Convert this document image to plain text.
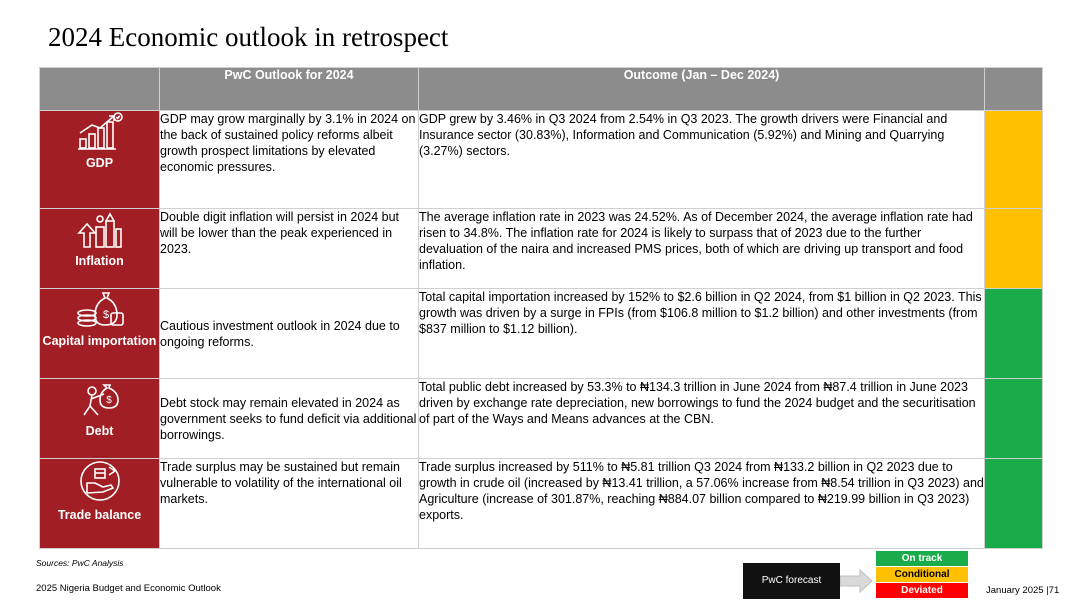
2024 Economic outlook in retrospect
	PwC Outlook for 2024	Outcome (Jan – Dec 2024)	

GDP	GDP may grow marginally by 3.1% in 2024 on the back of sustained policy reforms albeit growth prospect limitations by elevated economic pressures.	GDP grew by 3.46% in Q3 2024 from 2.54% in Q3 2023. The growth drivers were Financial and Insurance sector (30.83%), Information and Communication (5.92%) and Mining and Quarrying (3.27%) sectors.	

Inflation	Double digit inflation will persist in 2024 but will be lower than the peak experienced in 2023.	The average inflation rate in 2023 was 24.52%. As of December 2024, the average inflation rate had risen to 34.8%. The inflation rate for 2024 is likely to surpass that of 2023 due to the further devaluation of the naira and increased PMS prices, both of which are driving up transport and food inflation.	

$
Capital importation	Cautious investment outlook in 2024 due to ongoing reforms.	Total capital importation increased by 152% to $2.6 billion in Q2 2024, from $1 billion in Q2 2023. This growth was driven by a surge in FPIs (from $106.8 million to $1.2 billion) and other investments (from $837 million to $1.12 billion).	

$
Debt	Debt stock may remain elevated in 2024 as government seeks to fund deficit via additional borrowings.	Total public debt increased by 53.3% to ₦134.3 trillion in June 2024 from ₦87.4 trillion in June 2023 driven by exchange rate depreciation, new borrowings to fund the 2024 budget and the securitisation of part of the Ways and Means advances at the CBN.	

Trade balance	Trade surplus may be sustained but remain vulnerable to volatility of the international oil markets.	Trade surplus increased by 511% to ₦5.81 trillion Q3 2024 from ₦133.2 billion in Q2 2023 due to growth in crude oil (increased by ₦13.41 trillion, a 57.06% increase from ₦8.54 trillion in Q3 2023) and Agriculture (increase of 301.87%, reaching ₦884.07 billion compared to ₦219.99 billion in Q3 2023) exports.	
Sources: PwC Analysis
2025 Nigeria Budget and Economic Outlook	January 2025 |71
PwC forecast
On track
Conditional
Deviated
